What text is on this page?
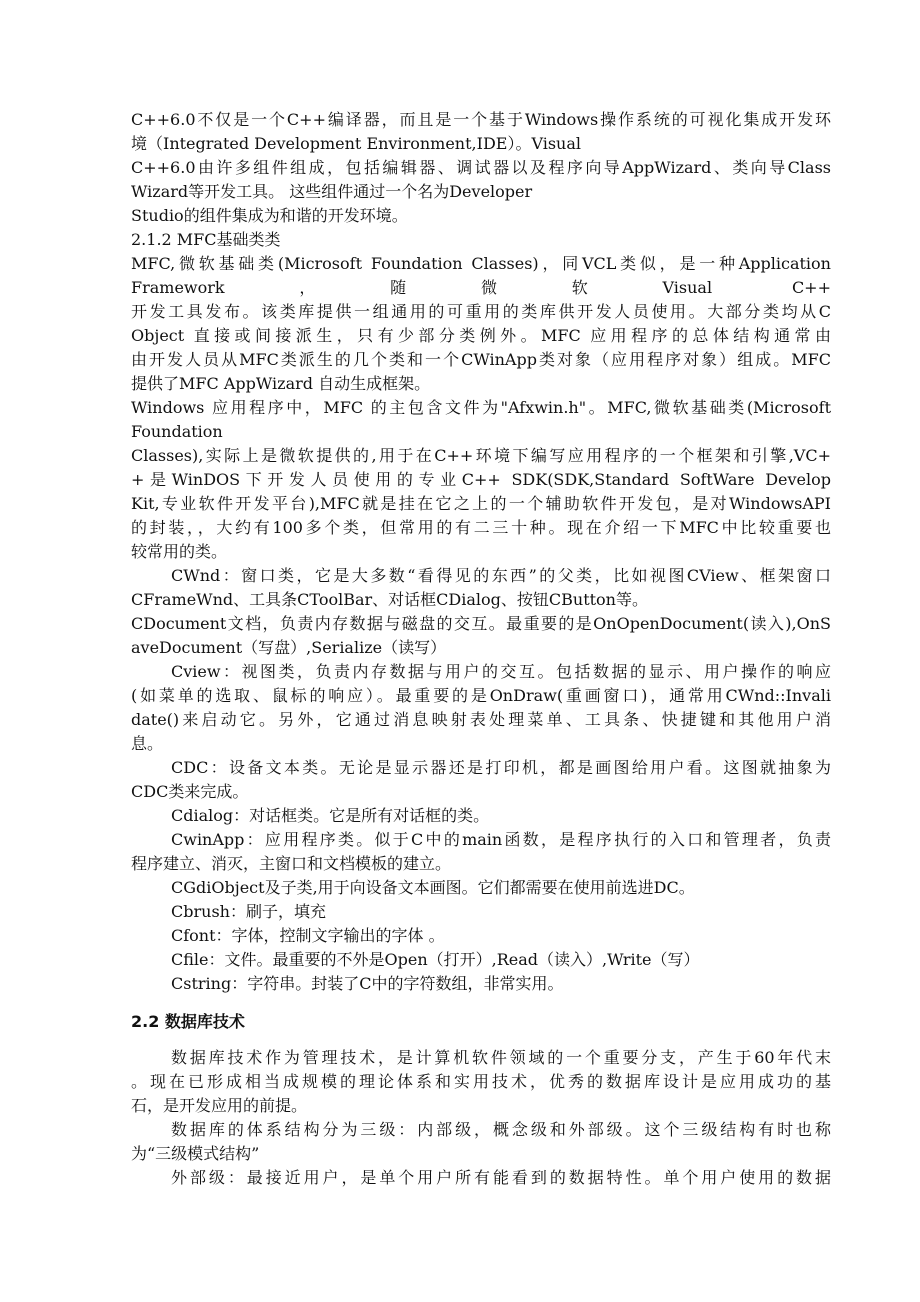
C++6.0不仅是一个C++编译器，而且是一个基于Windows操作系统的可视化集成开发环
境（Integrated Development Environment,IDE）。Visual
C++6.0由许多组件组成，包括编辑器、调试器以及程序向导AppWizard、类向导Class
Wizard等开发工具。 这些组件通过一个名为Developer
Studio的组件集成为和谐的开发环境。
2.1.2 MFC基础类类
MFC,微软基础类(Microsoft Foundation Classes)，同VCL类似，是一种Application
Framework，随微软Visual C++
开发工具发布。该类库提供一组通用的可重用的类库供开发人员使用。大部分类均从C
Object 直接或间接派生，只有少部分类例外。MFC 应用程序的总体结构通常由
由开发人员从MFC类派生的几个类和一个CWinApp类对象（应用程序对象）组成。MFC
提供了MFC AppWizard 自动生成框架。
Windows 应用程序中，MFC 的主包含文件为"Afxwin.h"。MFC,微软基础类(Microsoft
Foundation
Classes),实际上是微软提供的,用于在C++环境下编写应用程序的一个框架和引擎,VC+
+是WinDOS下开发人员使用的专业C++ SDK(SDK,Standard SoftWare Develop
Kit,专业软件开发平台),MFC就是挂在它之上的一个辅助软件开发包，是对WindowsAPI
的封装，，大约有100多个类，但常用的有二三十种。现在介绍一下MFC中比较重要也
较常用的类。
CWnd：窗口类，它是大多数“看得见的东西”的父类，比如视图CView、框架窗口
CFrameWnd、工具条CToolBar、对话框CDialog、按钮CButton等。
CDocument文档，负责内存数据与磁盘的交互。最重要的是OnOpenDocument(读入),OnS
aveDocument（写盘）,Serialize（读写）
Cview：视图类，负责内存数据与用户的交互。包括数据的显示、用户操作的响应
(如菜单的选取、鼠标的响应）。最重要的是OnDraw(重画窗口)，通常用CWnd::Invali
date()来启动它。另外，它通过消息映射表处理菜单、工具条、快捷键和其他用户消
息。
CDC：设备文本类。无论是显示器还是打印机，都是画图给用户看。这图就抽象为
CDC类来完成。
Cdialog：对话框类。它是所有对话框的类。
CwinApp：应用程序类。似于C中的main函数，是程序执行的入口和管理者，负责
程序建立、消灭，主窗口和文档模板的建立。
CGdiObject及子类,用于向设备文本画图。它们都需要在使用前选进DC。
Cbrush：刷子，填充
Cfont：字体，控制文字输出的字体 。
Cfile：文件。最重要的不外是Open（打开）,Read（读入）,Write（写）
Cstring：字符串。封装了C中的字符数组，非常实用。
2.2 数据库技术
数据库技术作为管理技术，是计算机软件领域的一个重要分支，产生于60年代末
。现在已形成相当成规模的理论体系和实用技术，优秀的数据库设计是应用成功的基
石，是开发应用的前提。
数据库的体系结构分为三级：内部级，概念级和外部级。这个三级结构有时也称
为“三级模式结构”
外部级：最接近用户，是单个用户所有能看到的数据特性。单个用户使用的数据
